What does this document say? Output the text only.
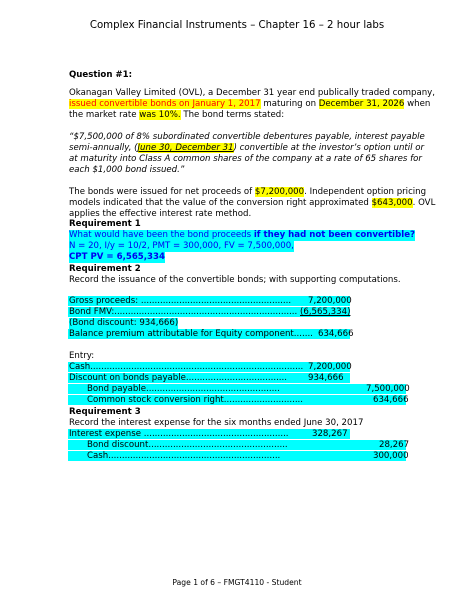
Complex Financial Instruments – Chapter 16 – 2 hour labs
Question #1:
Okanagan Valley Limited (OVL), a December 31 year end publically traded company,
issued convertible bonds on January 1, 2017 maturing on December 31, 2026 when
the market rate was 10%. The bond terms stated:
“$7,500,000 of 8% subordinated convertible debentures payable, interest payable
semi-annually, (June 30, December 31) convertible at the investor’s option until or
at maturity into Class A common shares of the company at a rate of 65 shares for
each $1,000 bond issued.”
The bonds were issued for net proceeds of $7,200,000. Independent option pricing
models indicated that the value of the conversion right approximated $643,000. OVL
applies the effective interest rate method.
Requirement 1
What would have been the bond proceeds if they had not been convertible?
N = 20, I/y = 10/2, PMT = 300,000, FV = 7,500,000,
CPT PV = 6,565,334
Requirement 2
Record the issuance of the convertible bonds; with supporting computations.
Gross proceeds: ....................................................... 7,200,000
Bond FMV:................................................................... (6,565,334)
(Bond discount: 934,666)
Balance premium attributable for Equity component....... 634,666
Entry:
Cash.............................................................................. 7,200,000
Discount on bonds payable..................................... 934,666
Bond payable.................................................	7,500,000
Common stock conversion right.............................	634,666
Requirement 3
Record the interest expense for the six months ended June 30, 2017
Interest expense .....................................................	328,267
Bond discount...................................................	28,267
Cash...............................................................	300,000
Page 1 of 6 – FMGT4110 - Student
